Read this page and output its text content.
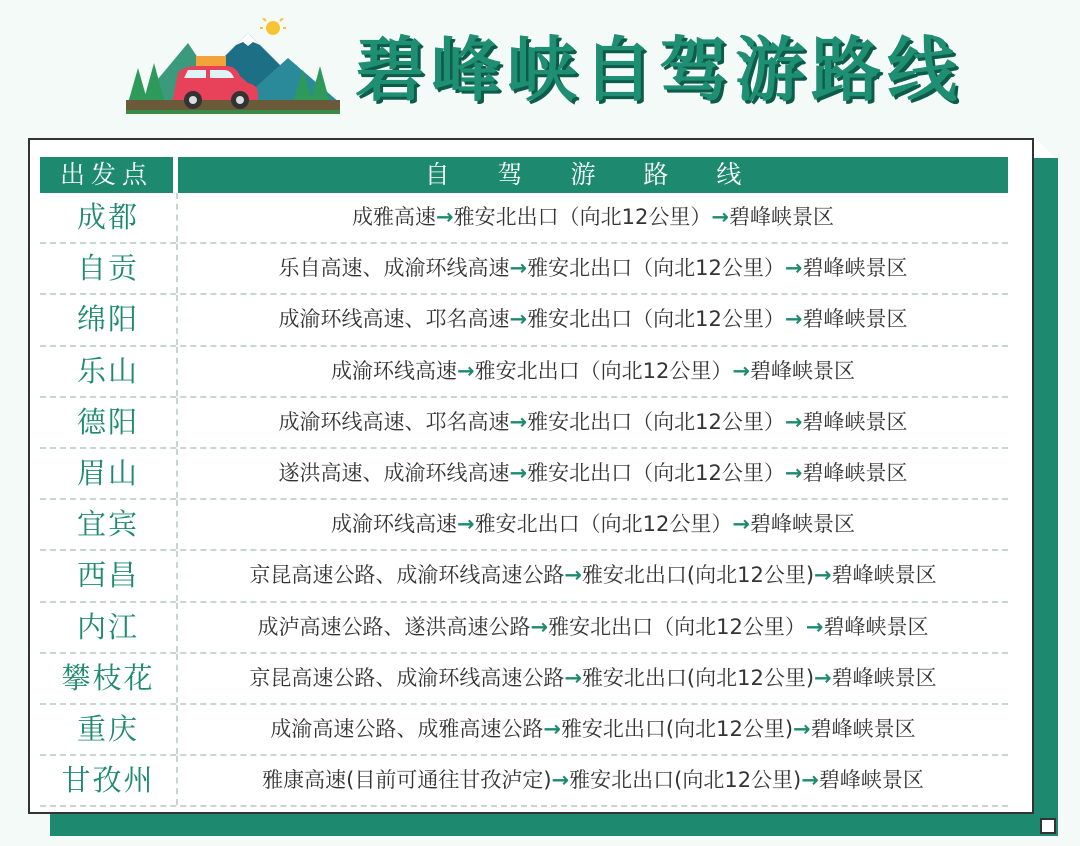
碧峰峡自驾游路线
出发点	自 驾 游 路 线
成都	成雅高速→雅安北出口（向北12公里）→碧峰峡景区
自贡	乐自高速、成渝环线高速→雅安北出口（向北12公里）→碧峰峡景区
绵阳	成渝环线高速、邛名高速→雅安北出口（向北12公里）→碧峰峡景区
乐山	成渝环线高速→雅安北出口（向北12公里）→碧峰峡景区
德阳	成渝环线高速、邛名高速→雅安北出口（向北12公里）→碧峰峡景区
眉山	遂洪高速、成渝环线高速→雅安北出口（向北12公里）→碧峰峡景区
宜宾	成渝环线高速→雅安北出口（向北12公里）→碧峰峡景区
西昌	京昆高速公路、成渝环线高速公路→雅安北出口(向北12公里)→碧峰峡景区
内江	成泸高速公路、遂洪高速公路→雅安北出口（向北12公里）→碧峰峡景区
攀枝花	京昆高速公路、成渝环线高速公路→雅安北出口(向北12公里)→碧峰峡景区
重庆	成渝高速公路、成雅高速公路→雅安北出口(向北12公里)→碧峰峡景区
甘孜州	雅康高速(目前可通往甘孜泸定)→雅安北出口(向北12公里)→碧峰峡景区
